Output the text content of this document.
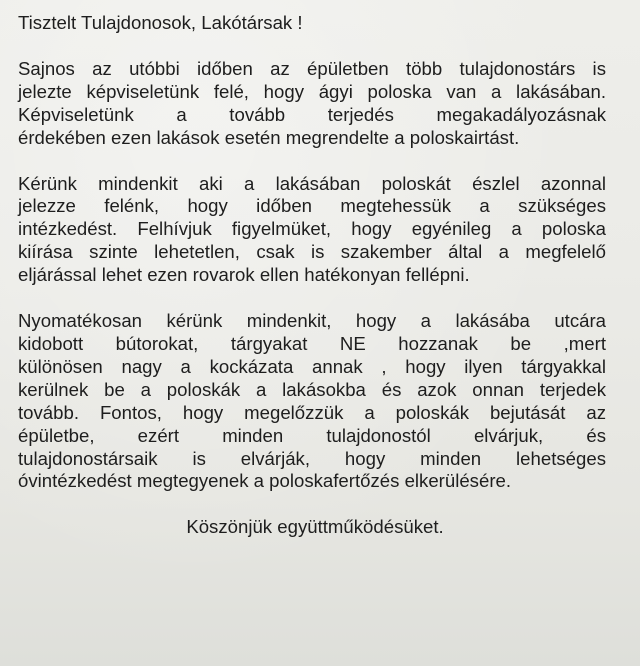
Tisztelt Tulajdonosok, Lakótársak !

Sajnos az utóbbi időben az épületben több tulajdonostárs is
jelezte képviseletünk felé, hogy ágyi poloska van a lakásában.
Képviseletünk a tovább terjedés megakadályozásnak
érdekében ezen lakások esetén megrendelte a poloskairtást.
Kérünk mindenkit aki a lakásában poloskát észlel azonnal
jelezze felénk, hogy időben megtehessük a szükséges
intézkedést. Felhívjuk figyelmüket, hogy egyénileg a poloska
kiírása szinte lehetetlen, csak is szakember által a megfelelő
eljárással lehet ezen rovarok ellen hatékonyan fellépni.
Nyomatékosan kérünk mindenkit, hogy a lakásába utcára
kidobott bútorokat, tárgyakat NE hozzanak be ,mert
különösen nagy a kockázata annak , hogy ilyen tárgyakkal
kerülnek be a poloskák a lakásokba és azok onnan terjedek
tovább. Fontos, hogy megelőzzük a poloskák bejutását az
épületbe, ezért minden tulajdonostól elvárjuk, és
tulajdonostársaik is elvárják, hogy minden lehetséges
óvintézkedést megtegyenek a poloskafertőzés elkerülésére.

Köszönjük együttműködésüket.
